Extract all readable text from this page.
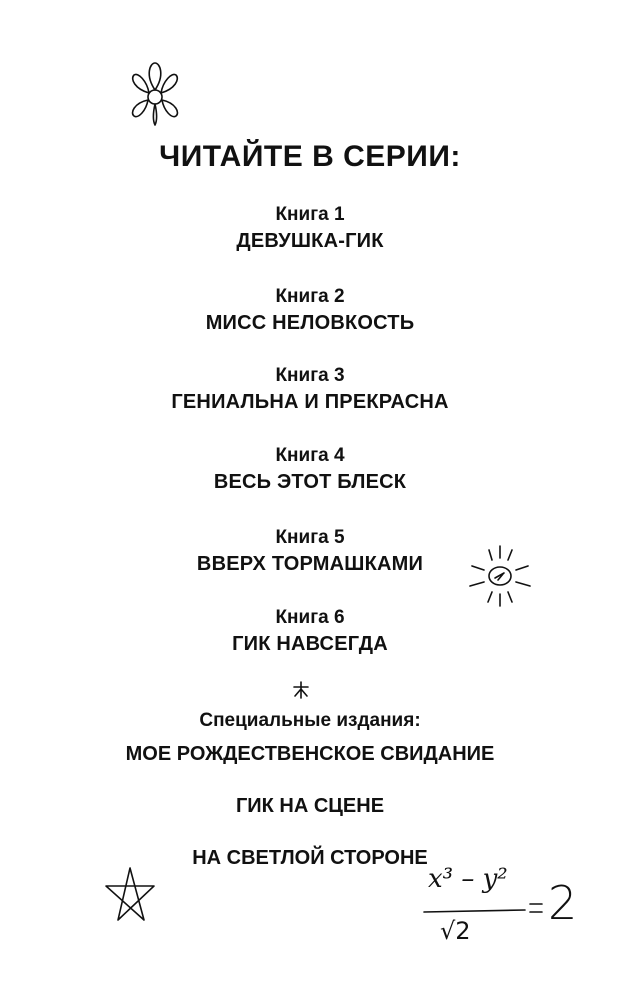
ЧИТАЙТЕ В СЕРИИ:
Книга 1
ДЕВУШКА-ГИК
Книга 2
МИСС НЕЛОВКОСТЬ
Книга 3
ГЕНИАЛЬНА И ПРЕКРАСНА
Книга 4
ВЕСЬ ЭТОТ БЛЕСК
Книга 5
ВВЕРХ ТОРМАШКАМИ
Книга 6
ГИК НАВСЕГДА
Специальные издания:
МОЕ РОЖДЕСТВЕНСКОЕ СВИДАНИЕ
ГИК НА СЦЕНЕ
НА СВЕТЛОЙ СТОРОНЕ
x³ – y²
√2
2
